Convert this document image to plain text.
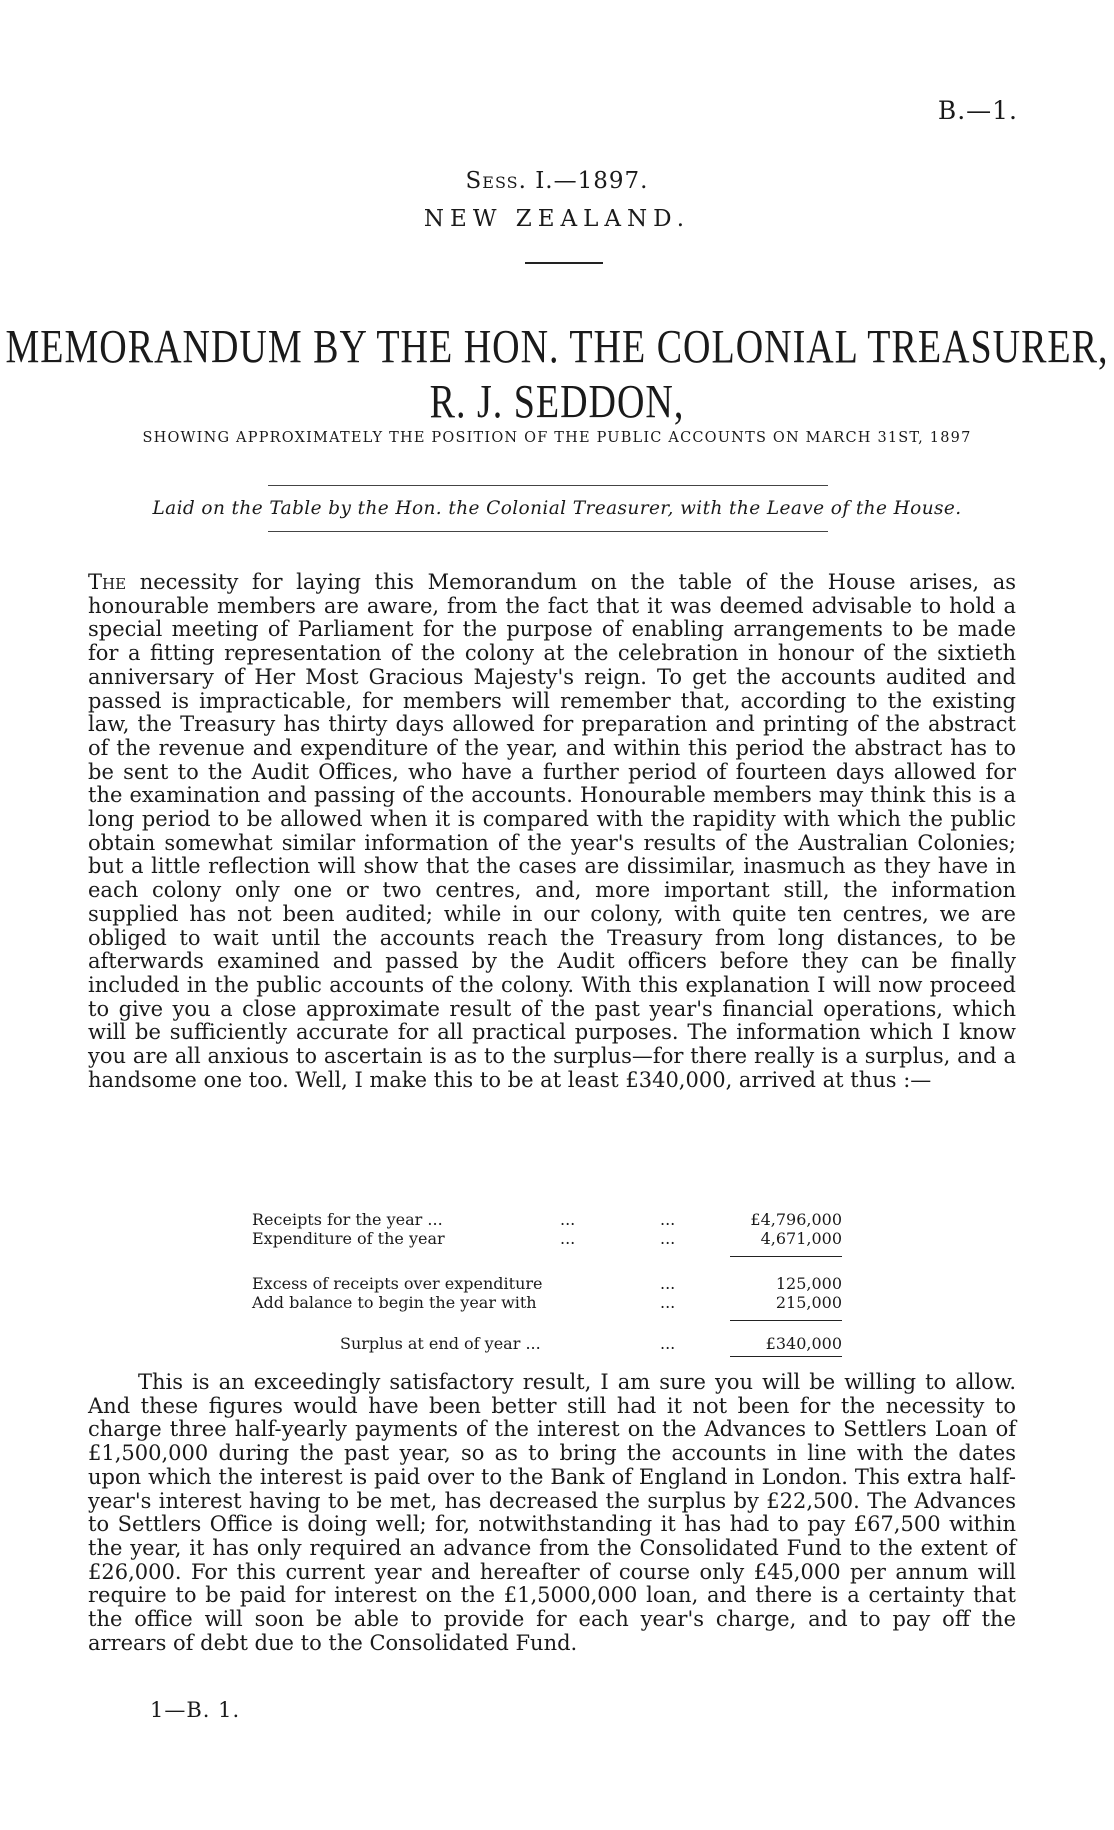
B.—1.
Sess. I.—1897.
NEW ZEALAND.
MEMORANDUM BY THE HON. THE COLONIAL TREASURER,
R. J. SEDDON,
SHOWING APPROXIMATELY THE POSITION OF THE PUBLIC ACCOUNTS ON MARCH 31ST, 1897
Laid on the Table by the Hon. the Colonial Treasurer, with the Leave of the House.
The necessity for laying this Memorandum on the table of the House arises, as honourable members are aware, from the fact that it was deemed advisable to hold a special meeting of Parliament for the purpose of enabling arrangements to be made for a fitting representation of the colony at the celebration in honour of the sixtieth anniversary of Her Most Gracious Majesty's reign. To get the accounts audited and passed is impracticable, for members will remember that, according to the existing law, the Treasury has thirty days allowed for preparation and printing of the abstract of the revenue and expenditure of the year, and within this period the abstract has to be sent to the Audit Offices, who have a further period of fourteen days allowed for the examination and passing of the accounts. Honourable members may think this is a long period to be allowed when it is compared with the rapidity with which the public obtain somewhat similar information of the year's results of the Australian Colonies; but a little reflection will show that the cases are dissimilar, inasmuch as they have in each colony only one or two centres, and, more important still, the information supplied has not been audited; while in our colony, with quite ten centres, we are obliged to wait until the accounts reach the Treasury from long distances, to be afterwards examined and passed by the Audit officers before they can be finally included in the public accounts of the colony. With this explanation I will now proceed to give you a close approximate result of the past year's financial operations, which will be sufficiently accurate for all practical purposes. The information which I know you are all anxious to ascertain is as to the surplus—for there really is a surplus, and a handsome one too. Well, I make this to be at least £340,000, arrived at thus :—
Receipts for the year ...	...	...	£4,796,000
Expenditure of the year	...	...	4,671,000
Excess of receipts over expenditure	...	125,000
Add balance to begin the year with	...	215,000
Surplus at end of year ...	...	£340,000
This is an exceedingly satisfactory result, I am sure you will be willing to allow. And these figures would have been better still had it not been for the necessity to charge three half-yearly payments of the interest on the Advances to Settlers Loan of £1,500,000 during the past year, so as to bring the accounts in line with the dates upon which the interest is paid over to the Bank of England in London. This extra half-year's interest having to be met, has decreased the surplus by £22,500. The Advances to Settlers Office is doing well; for, notwithstanding it has had to pay £67,500 within the year, it has only required an advance from the Consolidated Fund to the extent of £26,000. For this current year and hereafter of course only £45,000 per annum will require to be paid for interest on the £1,5000,000 loan, and there is a certainty that the office will soon be able to provide for each year's charge, and to pay off the arrears of debt due to the Consolidated Fund.
1—B. 1.
